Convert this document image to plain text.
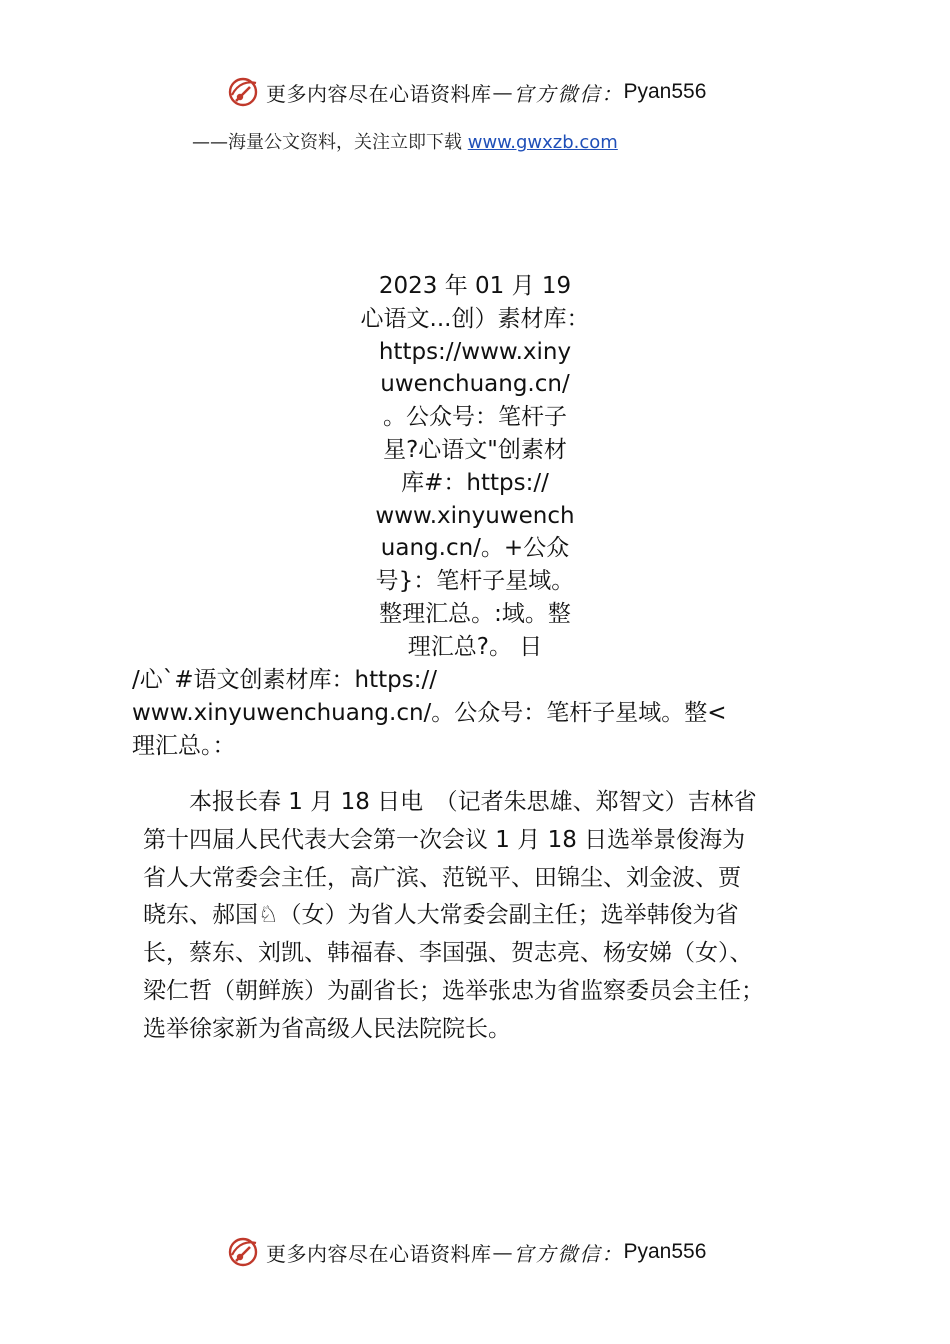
更多内容尽在心语资料库 — 官方微信： Pyan556
——海量公文资料，关注立即下载 www.gwxzb.com
2023 年 01 月 19
心语文...创）素材库：
https://www.xiny
uwenchuang.cn/
。公众号：笔杆子
星?心语文"创素材
库#：https://
www.xinyuwench
uang.cn/。+公众
号}：笔杆子星域。
整理汇总。:域。整
理汇总?。 日
/心`#语文创素材库：https://
www.xinyuwenchuang.cn/。公众号：笔杆子星域。整<
理汇总。：
　　本报长春 1 月 18 日电　（记者朱思雄、郑智文）吉林省
第十四届人民代表大会第一次会议 1 月 18 日选举景俊海为
省人大常委会主任，高广滨、范锐平、田锦尘、刘金波、贾
晓东、郝国♘（女）为省人大常委会副主任；选举韩俊为省
长，蔡东、刘凯、韩福春、李国强、贺志亮、杨安娣（女）、
梁仁哲（朝鲜族）为副省长；选举张忠为省监察委员会主任；
选举徐家新为省高级人民法院院长。
更多内容尽在心语资料库 — 官方微信： Pyan556
